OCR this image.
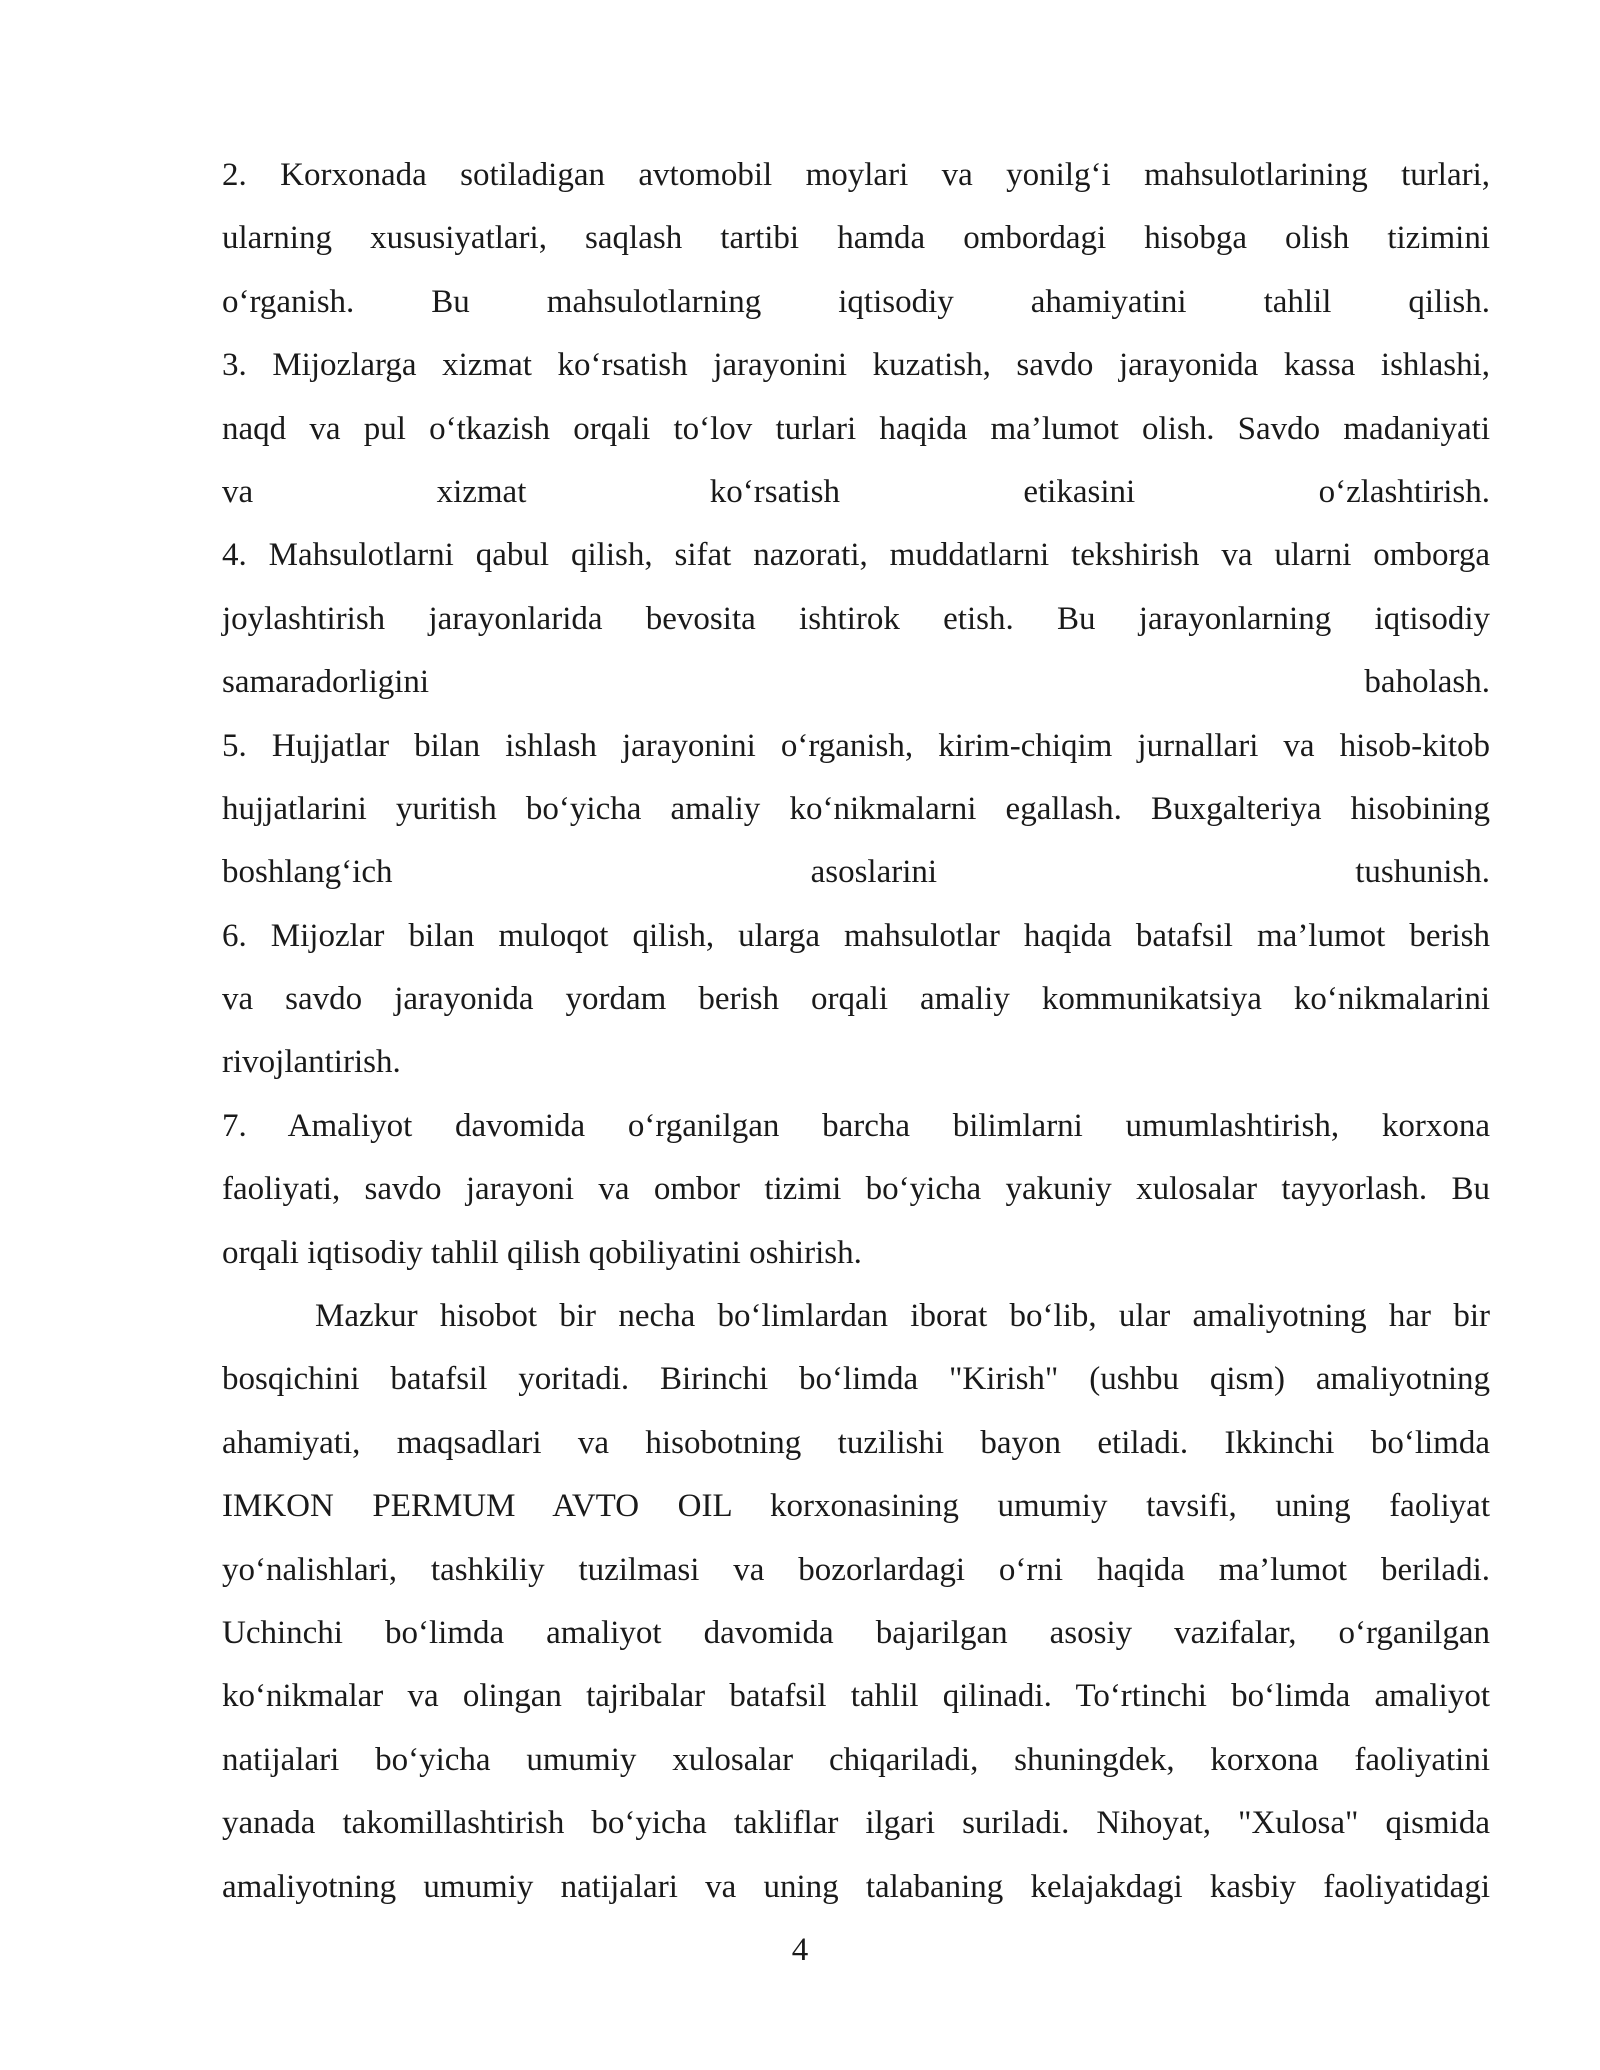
2. Korxonada sotiladigan avtomobil moylari va yonilg‘i mahsulotlarining turlari,
ularning xususiyatlari, saqlash tartibi hamda ombordagi hisobga olish tizimini
o‘rganish. Bu mahsulotlarning iqtisodiy ahamiyatini tahlil qilish.
3. Mijozlarga xizmat ko‘rsatish jarayonini kuzatish, savdo jarayonida kassa ishlashi,
naqd va pul o‘tkazish orqali to‘lov turlari haqida ma’lumot olish. Savdo madaniyati
va xizmat ko‘rsatish etikasini o‘zlashtirish.
4. Mahsulotlarni qabul qilish, sifat nazorati, muddatlarni tekshirish va ularni omborga
joylashtirish jarayonlarida bevosita ishtirok etish. Bu jarayonlarning iqtisodiy
samaradorligini baholash.
5. Hujjatlar bilan ishlash jarayonini o‘rganish, kirim-chiqim jurnallari va hisob-kitob
hujjatlarini yuritish bo‘yicha amaliy ko‘nikmalarni egallash. Buxgalteriya hisobining
boshlang‘ich asoslarini tushunish.
6. Mijozlar bilan muloqot qilish, ularga mahsulotlar haqida batafsil ma’lumot berish
va savdo jarayonida yordam berish orqali amaliy kommunikatsiya ko‘nikmalarini
rivojlantirish.
7. Amaliyot davomida o‘rganilgan barcha bilimlarni umumlashtirish, korxona
faoliyati, savdo jarayoni va ombor tizimi bo‘yicha yakuniy xulosalar tayyorlash. Bu
orqali iqtisodiy tahlil qilish qobiliyatini oshirish.
Mazkur hisobot bir necha bo‘limlardan iborat bo‘lib, ular amaliyotning har bir
bosqichini batafsil yoritadi. Birinchi bo‘limda "Kirish" (ushbu qism) amaliyotning
ahamiyati, maqsadlari va hisobotning tuzilishi bayon etiladi. Ikkinchi bo‘limda
IMKON PERMUM AVTO OIL korxonasining umumiy tavsifi, uning faoliyat
yo‘nalishlari, tashkiliy tuzilmasi va bozorlardagi o‘rni haqida ma’lumot beriladi.
Uchinchi bo‘limda amaliyot davomida bajarilgan asosiy vazifalar, o‘rganilgan
ko‘nikmalar va olingan tajribalar batafsil tahlil qilinadi. To‘rtinchi bo‘limda amaliyot
natijalari bo‘yicha umumiy xulosalar chiqariladi, shuningdek, korxona faoliyatini
yanada takomillashtirish bo‘yicha takliflar ilgari suriladi. Nihoyat, "Xulosa" qismida
amaliyotning umumiy natijalari va uning talabaning kelajakdagi kasbiy faoliyatidagi
4
